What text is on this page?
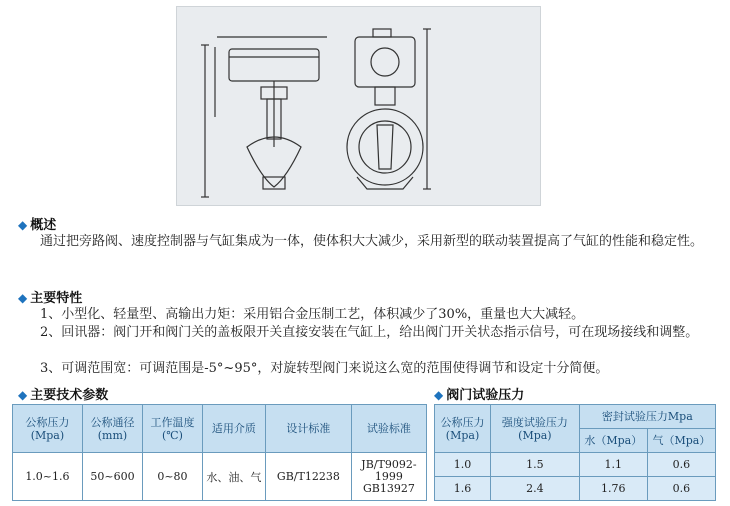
◆ 概述
通过把旁路阀、速度控制器与气缸集成为一体，使体积大大减少，采用新型的联动装置提高了气缸的性能和稳定性。
◆ 主要特性
1、小型化、轻量型、高输出力矩：采用铝合金压制工艺，体积减少了30%，重量也大大减轻。
2、回讯器：阀门开和阀门关的盖板限开关直接安装在气缸上，给出阀门开关状态指示信号，可在现场接线和调整。
3、可调范围宽：可调范围是-5°~95°，对旋转型阀门来说这么宽的范围使得调节和设定十分简便。
◆ 主要技术参数
公称压力(Mpa)	公称通径(mm)	工作温度(℃)	适用介质	设计标准	试验标准
1.0~1.6	50~600	0~80	水、油、气	GB/T12238	JB/T9092-1999 GB13927
◆ 阀门试验压力
公称压力(Mpa)	强度试验压力(Mpa)	密封试验压力Mpa	
		水（Mpa）	气（Mpa）
1.0	1.5	1.1	0.6
1.6	2.4	1.76	0.6
